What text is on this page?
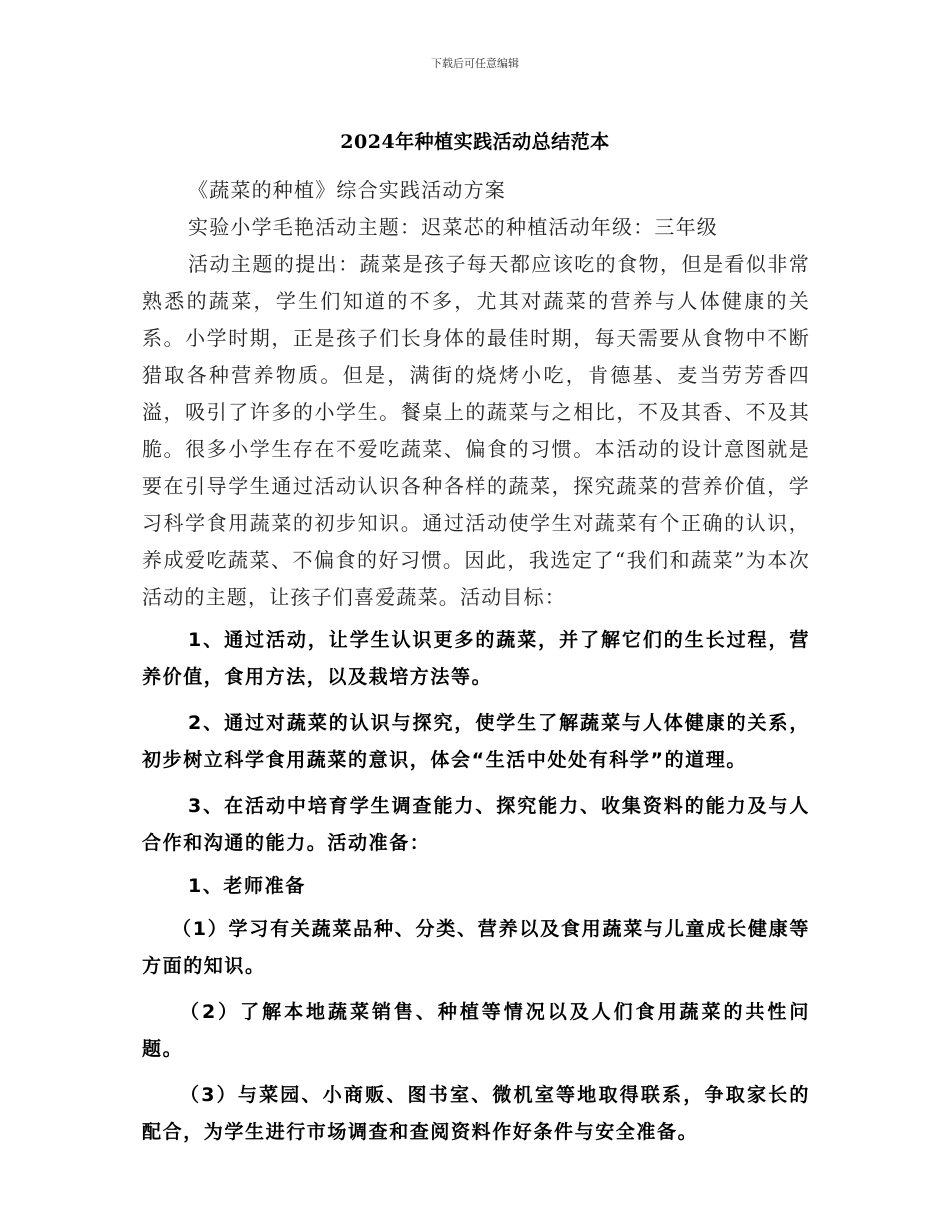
下载后可任意编辑
2024年种植实践活动总结范本

《蔬菜的种植》综合实践活动方案

实验小学毛艳活动主题：迟菜芯的种植活动年级：三年级

活动主题的提出：蔬菜是孩子每天都应该吃的食物，但是看似非常熟悉的蔬菜，学生们知道的不多，尤其对蔬菜的营养与人体健康的关系。小学时期，正是孩子们长身体的最佳时期，每天需要从食物中不断猎取各种营养物质。但是，满街的烧烤小吃，肯德基、麦当劳芳香四溢，吸引了许多的小学生。餐桌上的蔬菜与之相比，不及其香、不及其脆。很多小学生存在不爱吃蔬菜、偏食的习惯。本活动的设计意图就是要在引导学生通过活动认识各种各样的蔬菜，探究蔬菜的营养价值，学习科学食用蔬菜的初步知识。通过活动使学生对蔬菜有个正确的认识，养成爱吃蔬菜、不偏食的好习惯。因此，我选定了“我们和蔬菜”为本次活动的主题，让孩子们喜爱蔬菜。活动目标：

1、通过活动，让学生认识更多的蔬菜，并了解它们的生长过程，营养价值，食用方法，以及栽培方法等。

2、通过对蔬菜的认识与探究，使学生了解蔬菜与人体健康的关系，初步树立科学食用蔬菜的意识，体会“生活中处处有科学”的道理。

3、在活动中培育学生调查能力、探究能力、收集资料的能力及与人合作和沟通的能力。活动准备：

1、老师准备

（1）学习有关蔬菜品种、分类、营养以及食用蔬菜与儿童成长健康等方面的知识。

（2）了解本地蔬菜销售、种植等情况以及人们食用蔬菜的共性问题。

（3）与菜园、小商贩、图书室、微机室等地取得联系，争取家长的配合，为学生进行市场调查和查阅资料作好条件与安全准备。
